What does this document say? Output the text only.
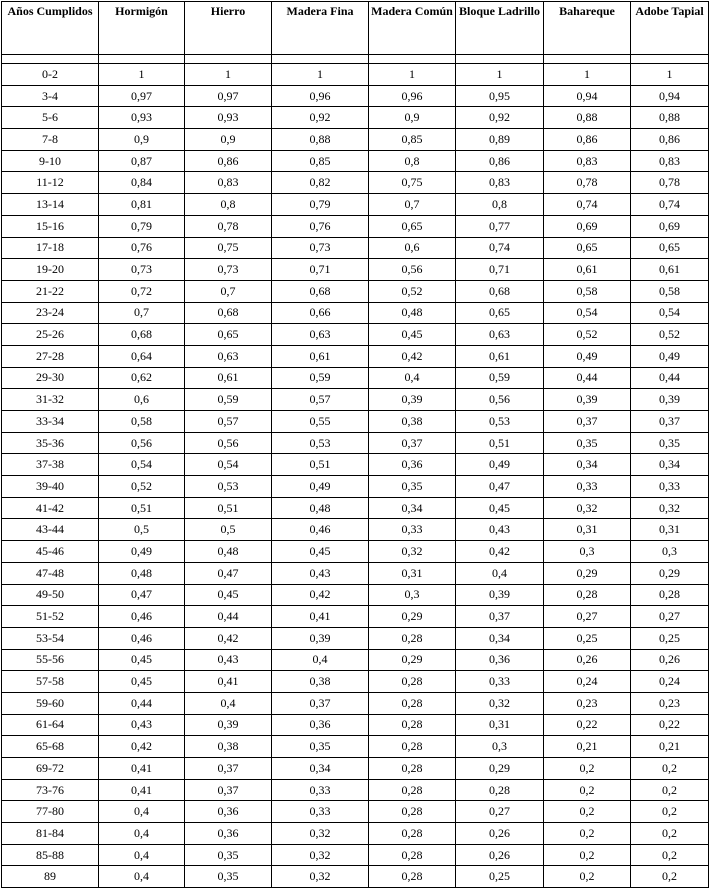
Años Cumplidos	Hormigón	Hierro	Madera Fina	Madera Común	Bloque Ladrillo	Bahareque	Adobe Tapial

0-2	1	1	1	1	1	1	1
3-4	0,97	0,97	0,96	0,96	0,95	0,94	0,94
5-6	0,93	0,93	0,92	0,9	0,92	0,88	0,88
7-8	0,9	0,9	0,88	0,85	0,89	0,86	0,86
9-10	0,87	0,86	0,85	0,8	0,86	0,83	0,83
11-12	0,84	0,83	0,82	0,75	0,83	0,78	0,78
13-14	0,81	0,8	0,79	0,7	0,8	0,74	0,74
15-16	0,79	0,78	0,76	0,65	0,77	0,69	0,69
17-18	0,76	0,75	0,73	0,6	0,74	0,65	0,65
19-20	0,73	0,73	0,71	0,56	0,71	0,61	0,61
21-22	0,72	0,7	0,68	0,52	0,68	0,58	0,58
23-24	0,7	0,68	0,66	0,48	0,65	0,54	0,54
25-26	0,68	0,65	0,63	0,45	0,63	0,52	0,52
27-28	0,64	0,63	0,61	0,42	0,61	0,49	0,49
29-30	0,62	0,61	0,59	0,4	0,59	0,44	0,44
31-32	0,6	0,59	0,57	0,39	0,56	0,39	0,39
33-34	0,58	0,57	0,55	0,38	0,53	0,37	0,37
35-36	0,56	0,56	0,53	0,37	0,51	0,35	0,35
37-38	0,54	0,54	0,51	0,36	0,49	0,34	0,34
39-40	0,52	0,53	0,49	0,35	0,47	0,33	0,33
41-42	0,51	0,51	0,48	0,34	0,45	0,32	0,32
43-44	0,5	0,5	0,46	0,33	0,43	0,31	0,31
45-46	0,49	0,48	0,45	0,32	0,42	0,3	0,3
47-48	0,48	0,47	0,43	0,31	0,4	0,29	0,29
49-50	0,47	0,45	0,42	0,3	0,39	0,28	0,28
51-52	0,46	0,44	0,41	0,29	0,37	0,27	0,27
53-54	0,46	0,42	0,39	0,28	0,34	0,25	0,25
55-56	0,45	0,43	0,4	0,29	0,36	0,26	0,26
57-58	0,45	0,41	0,38	0,28	0,33	0,24	0,24
59-60	0,44	0,4	0,37	0,28	0,32	0,23	0,23
61-64	0,43	0,39	0,36	0,28	0,31	0,22	0,22
65-68	0,42	0,38	0,35	0,28	0,3	0,21	0,21
69-72	0,41	0,37	0,34	0,28	0,29	0,2	0,2
73-76	0,41	0,37	0,33	0,28	0,28	0,2	0,2
77-80	0,4	0,36	0,33	0,28	0,27	0,2	0,2
81-84	0,4	0,36	0,32	0,28	0,26	0,2	0,2
85-88	0,4	0,35	0,32	0,28	0,26	0,2	0,2
89	0,4	0,35	0,32	0,28	0,25	0,2	0,2
